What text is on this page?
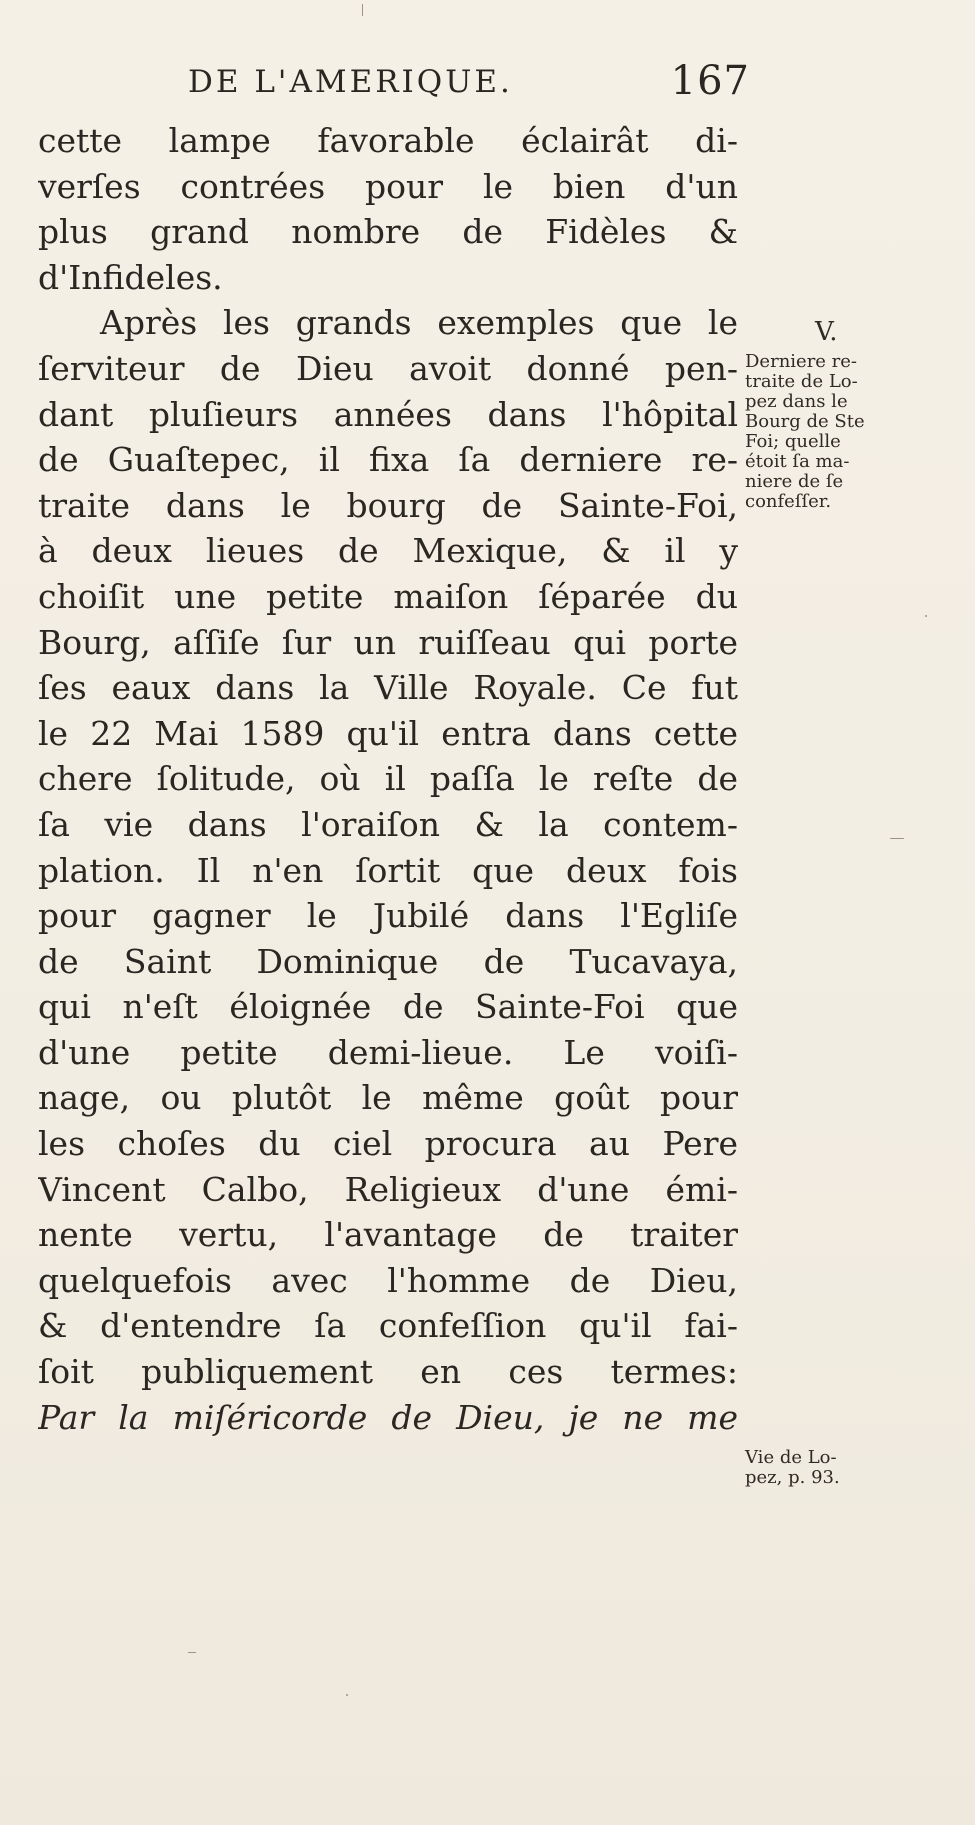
DE L'AMERIQUE.	167
cette lampe favorable éclairât di-
verſes contrées pour le bien d'un
plus grand nombre de Fidèles &
d'Infideles.
Après les grands exemples que le
ſerviteur de Dieu avoit donné pen-
dant pluſieurs années dans l'hôpital
de Guaſtepec, il fixa ſa derniere re-
traite dans le bourg de Sainte-Foi,
à deux lieues de Mexique, & il y
choiſit une petite maiſon ſéparée du
Bourg, aſſiſe ſur un ruiſſeau qui porte
ſes eaux dans la Ville Royale. Ce fut
le 22 Mai 1589 qu'il entra dans cette
chere ſolitude, où il paſſa le reſte de
ſa vie dans l'oraiſon & la contem-
plation. Il n'en ſortit que deux fois
pour gagner le Jubilé dans l'Egliſe
de Saint Dominique de Tucavaya,
qui n'eſt éloignée de Sainte-Foi que
d'une petite demi-lieue. Le voiſi-
nage, ou plutôt le même goût pour
les choſes du ciel procura au Pere
Vincent Calbo, Religieux d'une émi-
nente vertu, l'avantage de traiter
quelquefois avec l'homme de Dieu,
& d'entendre ſa confeſſion qu'il fai-
ſoit publiquement en ces termes:
Par la miſéricorde de Dieu, je ne me
V.
Derniere re-
traite de Lo-
pez dans le
Bourg de Ste
Foi; quelle
étoit ſa ma-
niere de ſe
confeſſer.
Vie de Lo-
pez, p. 93.
